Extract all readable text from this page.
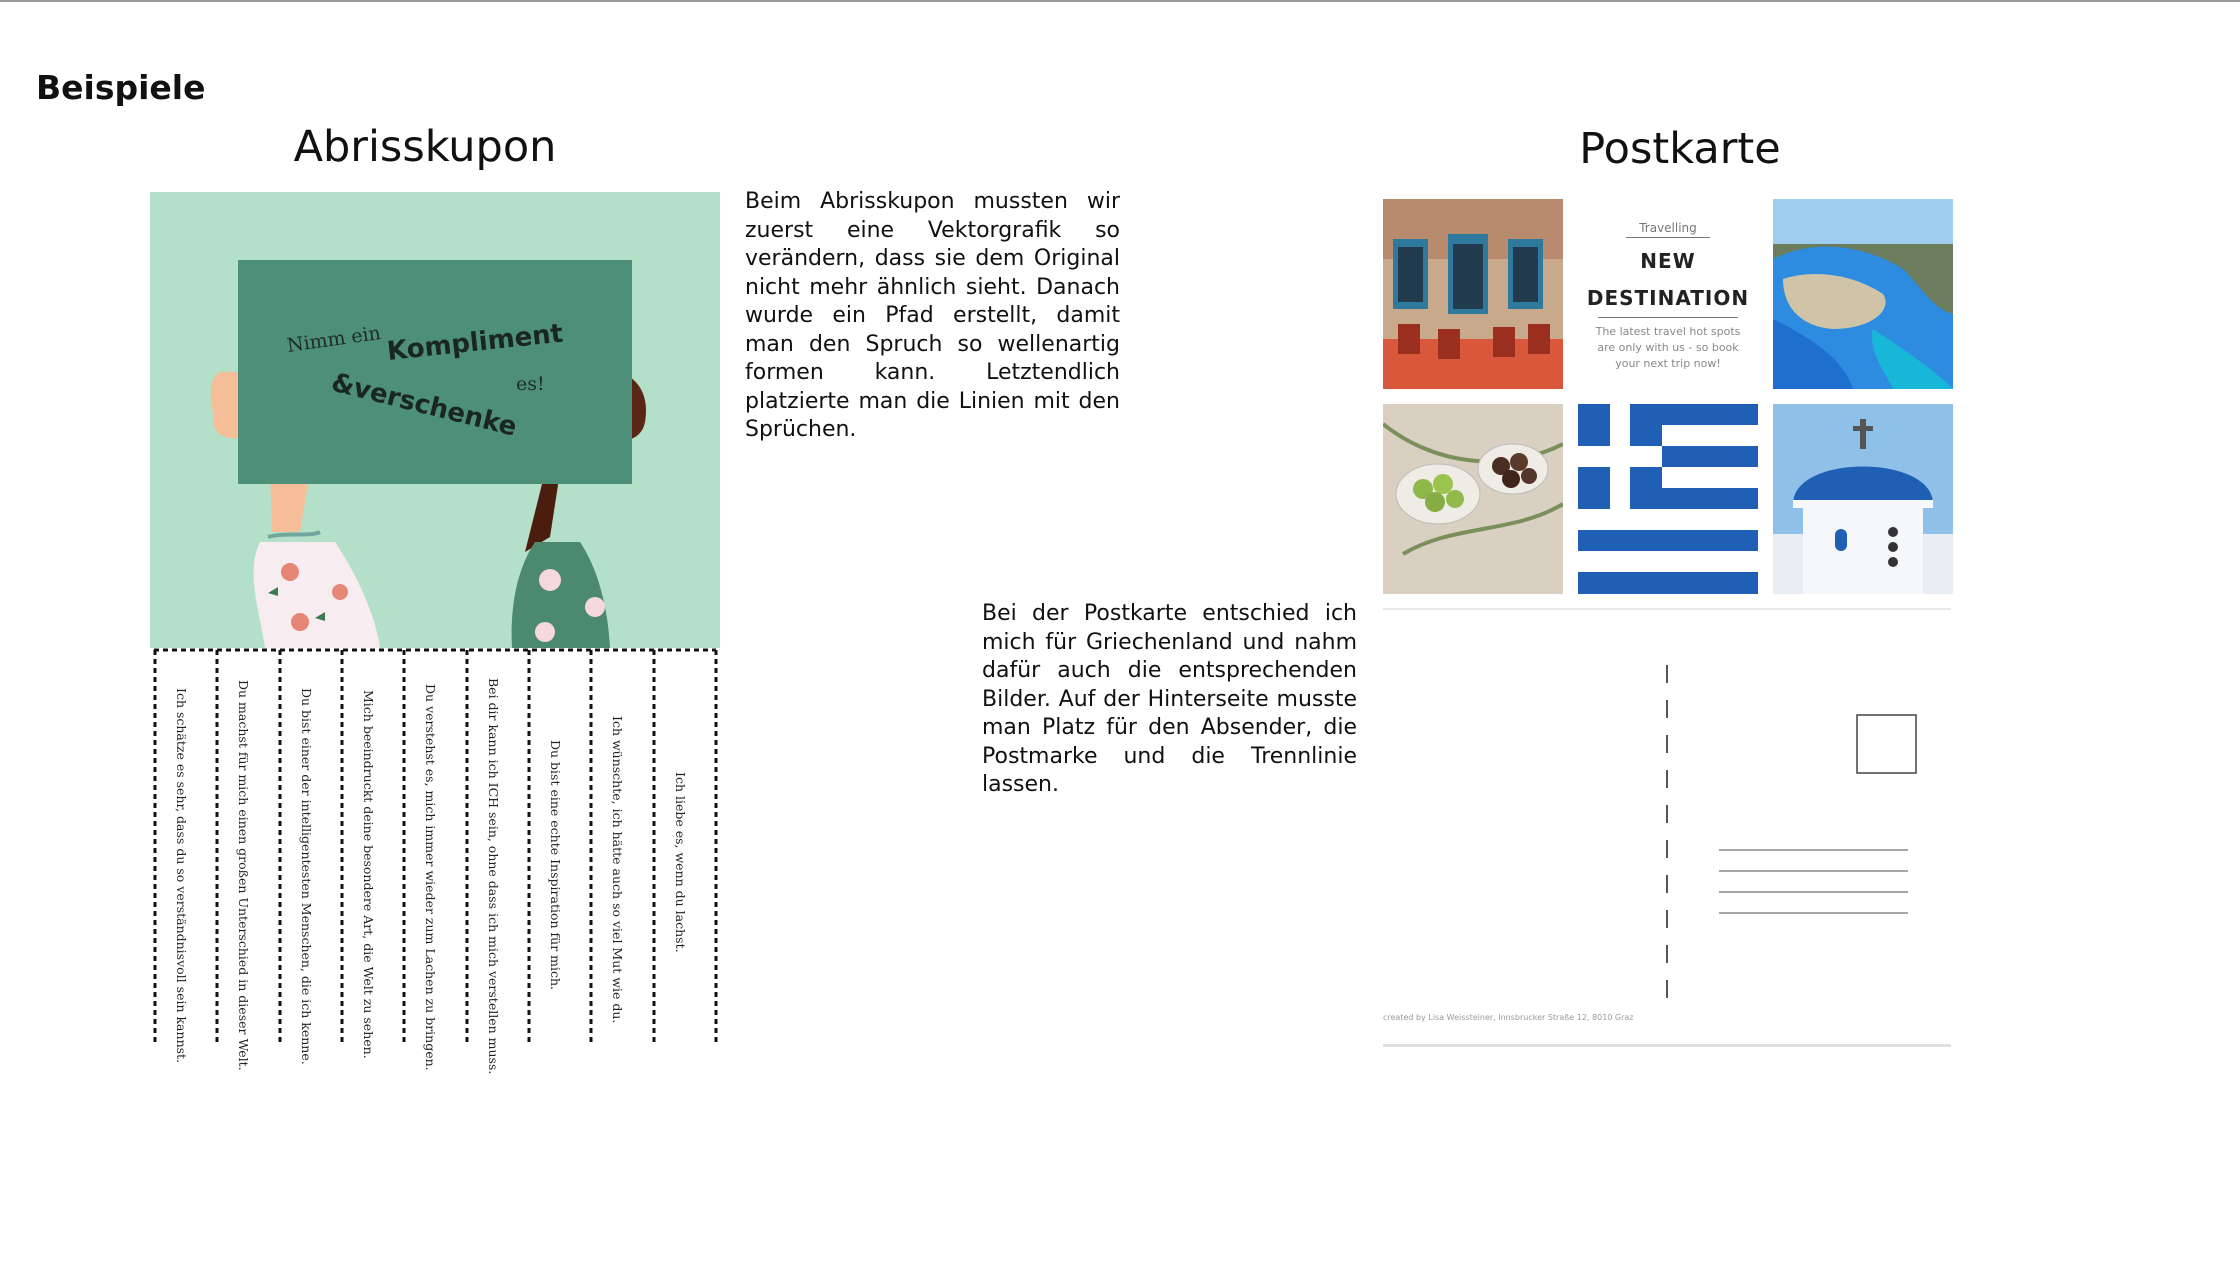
Beispiele
Abrisskupon	Postkarte
Beim Abrisskupon mussten wir zuerst eine Vektorgrafik so verändern, dass sie dem Original nicht mehr ähnlich sieht. Danach wurde ein Pfad erstellt, damit man den Spruch so wellenartig formen kann. Letztendlich platzierte man die Linien mit den Sprüchen.
Bei der Postkarte entschied ich mich für Griechenland und nahm dafür auch die entsprechenden Bilder. Auf der Hinterseite musste man Platz für den Absender, die Postmarke und die Trennlinie lassen.
Nimm ein Kompliment
&verschenke
es!
Ich schätze es sehr, dass du so verständnisvoll sein kannst.	Du machst für mich einen großen Unterschied in dieser Welt.	Du bist einer der intelligentesten Menschen, die ich kenne.	Mich beeindruckt deine besondere Art, die Welt zu sehen.	Du verstehst es, mich immer wieder zum Lachen zu bringen.	Bei dir kann ich ICH sein, ohne dass ich mich verstellen muss.	Du bist eine echte Inspiration für mich.	Ich wünschte, ich hätte auch so viel Mut wie du.	Ich liebe es, wenn du lachst.
Travelling
NEW
DESTINATION
The latest travel hot spots are only with us - so book your next trip now!
created by Lisa Weissteiner, Innsbrucker Straße 12, 8010 Graz
